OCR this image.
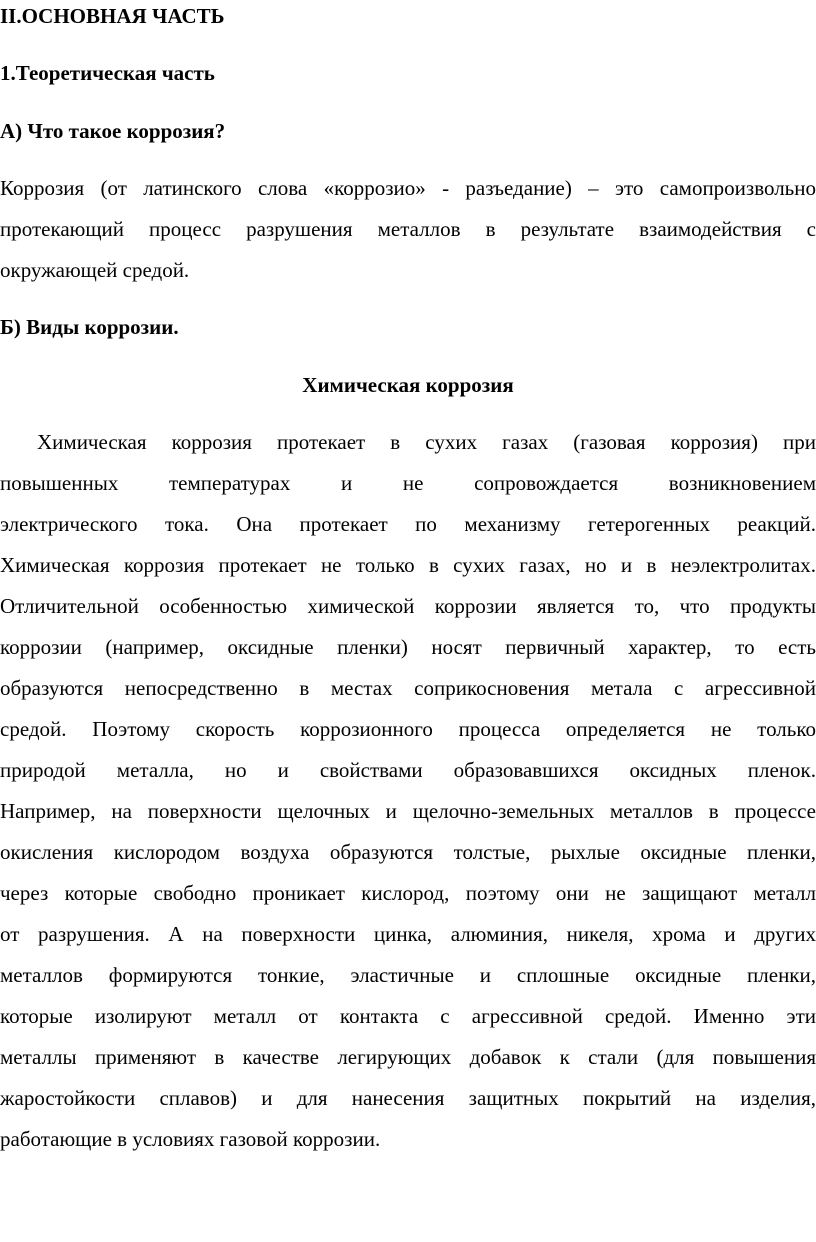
II.ОСНОВНАЯ ЧАСТЬ
1.Теоретическая часть
А) Что такое коррозия?
Коррозия (от латинского слова «коррозио» - разъедание) – это самопроизвольно
протекающий процесс разрушения металлов в результате взаимодействия с
окружающей средой.
Б) Виды коррозии.
Химическая коррозия
Химическая коррозия протекает в сухих газах (газовая коррозия) при
повышенных температурах и не сопровождается возникновением
электрического тока. Она протекает по механизму гетерогенных реакций.
Химическая коррозия протекает не только в сухих газах, но и в неэлектролитах.
Отличительной особенностью химической коррозии является то, что продукты
коррозии (например, оксидные пленки) носят первичный характер, то есть
образуются непосредственно в местах соприкосновения метала с агрессивной
средой. Поэтому скорость коррозионного процесса определяется не только
природой металла, но и свойствами образовавшихся оксидных пленок.
Например, на поверхности щелочных и щелочно-земельных металлов в процессе
окисления кислородом воздуха образуются толстые, рыхлые оксидные пленки,
через которые свободно проникает кислород, поэтому они не защищают металл
от разрушения. А на поверхности цинка, алюминия, никеля, хрома и других
металлов формируются тонкие, эластичные и сплошные оксидные пленки,
которые изолируют металл от контакта с агрессивной средой. Именно эти
металлы применяют в качестве легирующих добавок к стали (для повышения
жаростойкости сплавов) и для нанесения защитных покрытий на изделия,
работающие в условиях газовой коррозии.
